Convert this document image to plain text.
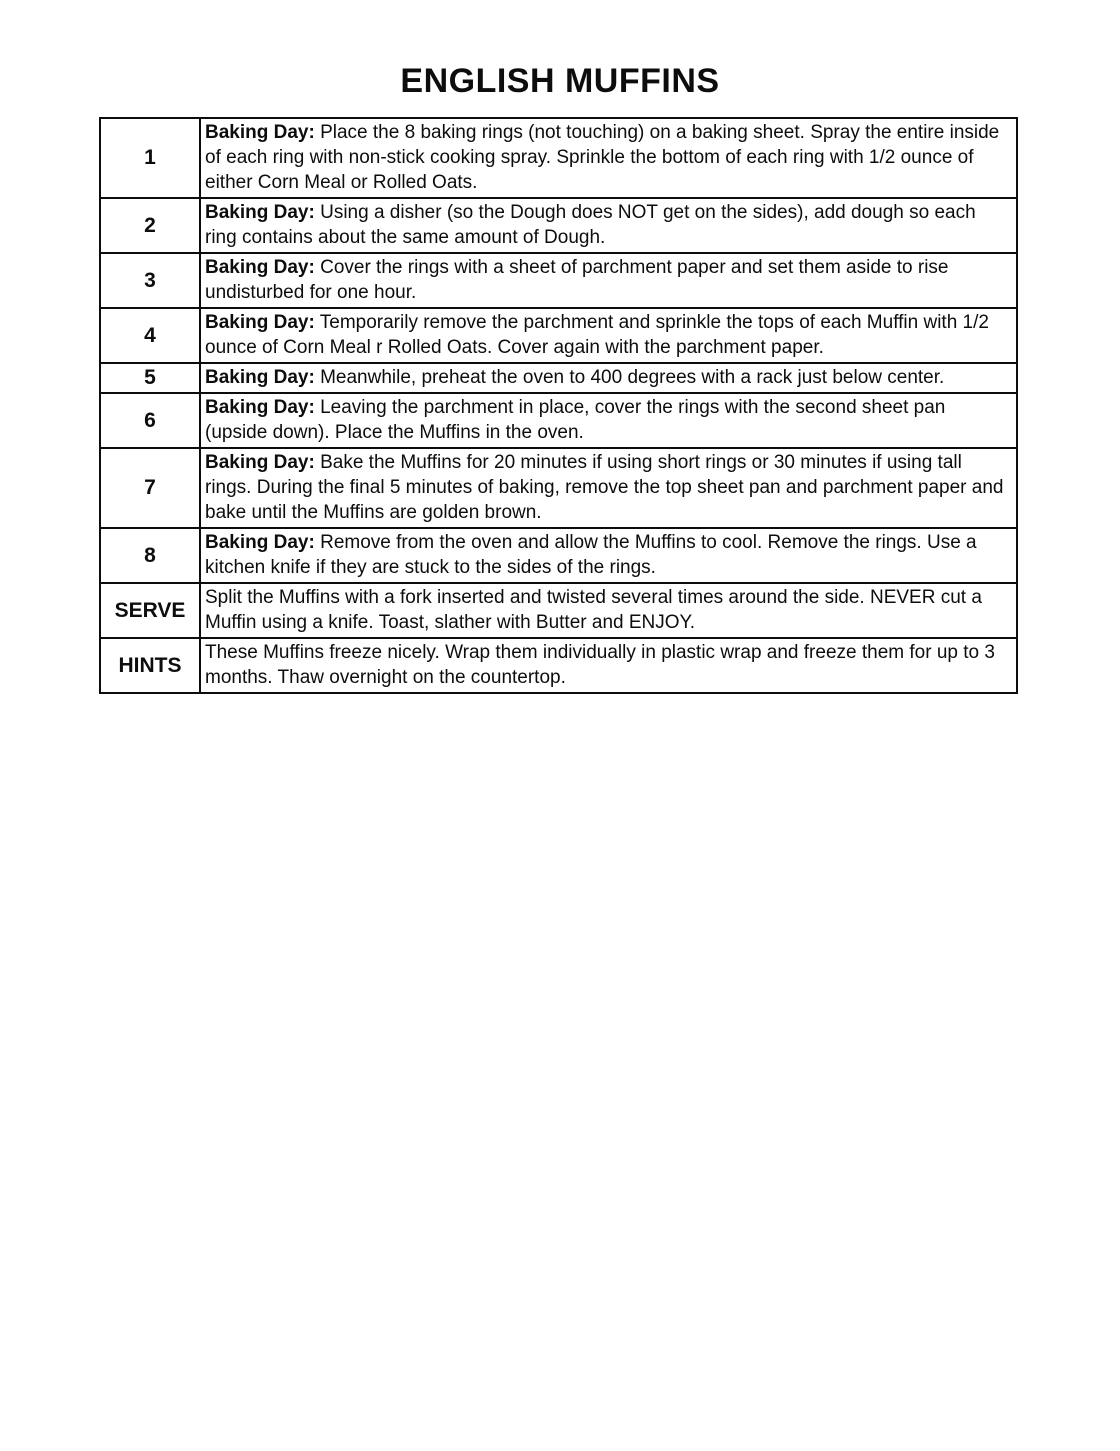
ENGLISH MUFFINS
1	Baking Day: Place the 8 baking rings (not touching) on a baking sheet. Spray the entire inside of each ring with non-stick cooking spray. Sprinkle the bottom of each ring with 1/2 ounce of either Corn Meal or Rolled Oats.
2	Baking Day: Using a disher (so the Dough does NOT get on the sides), add dough so each ring contains about the same amount of Dough.
3	Baking Day: Cover the rings with a sheet of parchment paper and set them aside to rise undisturbed for one hour.
4	Baking Day: Temporarily remove the parchment and sprinkle the tops of each Muffin with 1/2 ounce of Corn Meal r Rolled Oats. Cover again with the parchment paper.
5	Baking Day: Meanwhile, preheat the oven to 400 degrees with a rack just below center.
6	Baking Day: Leaving the parchment in place, cover the rings with the second sheet pan (upside down). Place the Muffins in the oven.
7	Baking Day: Bake the Muffins for 20 minutes if using short rings or 30 minutes if using tall rings. During the final 5 minutes of baking, remove the top sheet pan and parchment paper and bake until the Muffins are golden brown.
8	Baking Day: Remove from the oven and allow the Muffins to cool. Remove the rings. Use a kitchen knife if they are stuck to the sides of the rings.
SERVE	Split the Muffins with a fork inserted and twisted several times around the side. NEVER cut a Muffin using a knife. Toast, slather with Butter and ENJOY.
HINTS	These Muffins freeze nicely. Wrap them individually in plastic wrap and freeze them for up to 3 months. Thaw overnight on the countertop.
